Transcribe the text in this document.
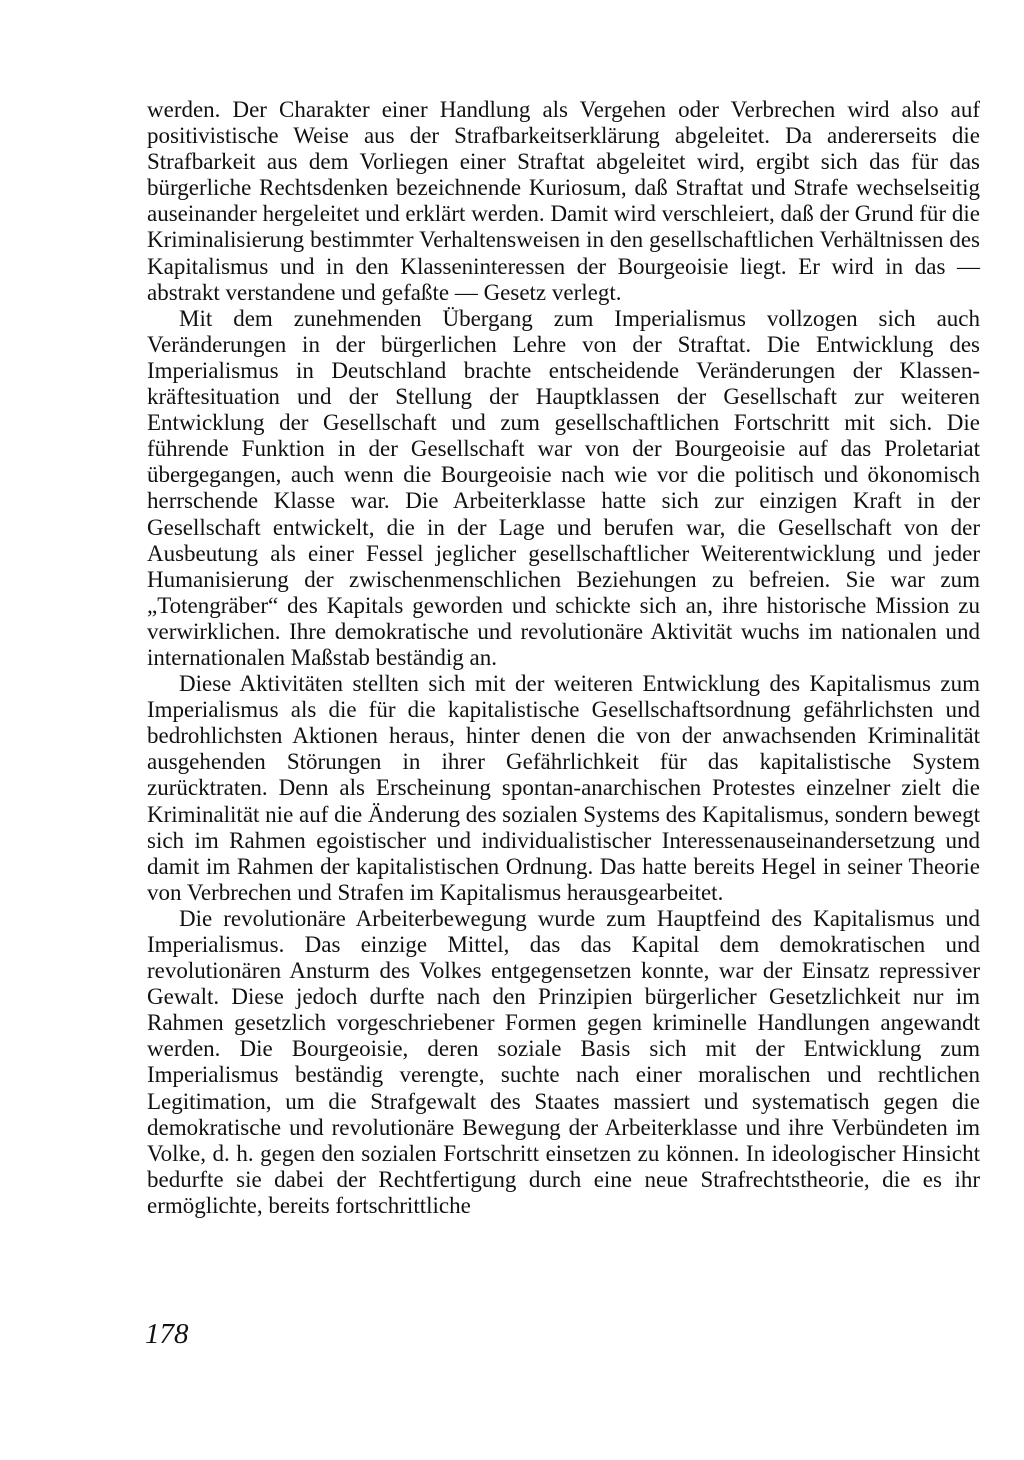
werden. Der Charakter einer Handlung als Vergehen oder Verbrechen wird also auf positivistische Weise aus der Strafbarkeitserklärung abgeleitet. Da andererseits die Strafbarkeit aus dem Vorliegen einer Straftat abgeleitet wird, ergibt sich das für das bürgerliche Rechtsdenken bezeichnende Kuriosum, daß Straftat und Strafe wechselseitig auseinander hergeleitet und erklärt werden. Damit wird verschleiert, daß der Grund für die Kriminalisierung bestimmter Verhaltensweisen in den gesellschaftlichen Verhältnissen des Kapitalismus und in den Klasseninteressen der Bourgeoisie liegt. Er wird in das — abstrakt verstandene und gefaßte — Gesetz verlegt.

Mit dem zunehmenden Übergang zum Imperialismus vollzogen sich auch Veränderungen in der bürgerlichen Lehre von der Straftat. Die Entwicklung des Imperialismus in Deutschland brachte entscheidende Veränderungen der Klassenkräftesituation und der Stellung der Hauptklassen der Gesellschaft zur weiteren Entwicklung der Gesellschaft und zum gesellschaftlichen Fortschritt mit sich. Die führende Funktion in der Gesellschaft war von der Bourgeoisie auf das Proletariat übergegangen, auch wenn die Bourgeoisie nach wie vor die politisch und ökonomisch herrschende Klasse war. Die Arbeiterklasse hatte sich zur einzigen Kraft in der Gesellschaft entwickelt, die in der Lage und berufen war, die Gesellschaft von der Ausbeutung als einer Fessel jeglicher gesellschaftlicher Weiterentwicklung und jeder Humanisierung der zwischenmenschlichen Beziehungen zu befreien. Sie war zum „Totengräber“ des Kapitals geworden und schickte sich an, ihre historische Mission zu verwirklichen. Ihre demokratische und revolutionäre Aktivität wuchs im nationalen und internationalen Maßstab beständig an.

Diese Aktivitäten stellten sich mit der weiteren Entwicklung des Kapitalismus zum Imperialismus als die für die kapitalistische Gesellschaftsordnung gefährlichsten und bedrohlichsten Aktionen heraus, hinter denen die von der anwachsenden Kriminalität ausgehenden Störungen in ihrer Gefährlichkeit für das kapitalistische System zurücktraten. Denn als Erscheinung spontan-anarchischen Protestes einzelner zielt die Kriminalität nie auf die Änderung des sozialen Systems des Kapitalismus, sondern bewegt sich im Rahmen egoistischer und individualistischer Interessenauseinandersetzung und damit im Rahmen der kapitalistischen Ordnung. Das hatte bereits Hegel in seiner Theorie von Verbrechen und Strafen im Kapitalismus herausgearbeitet.

Die revolutionäre Arbeiterbewegung wurde zum Hauptfeind des Kapitalismus und Imperialismus. Das einzige Mittel, das das Kapital dem demokratischen und revolutionären Ansturm des Volkes entgegensetzen konnte, war der Einsatz repressiver Gewalt. Diese jedoch durfte nach den Prinzipien bürgerlicher Gesetzlichkeit nur im Rahmen gesetzlich vorgeschriebener Formen gegen kriminelle Handlungen angewandt werden. Die Bourgeoisie, deren soziale Basis sich mit der Entwicklung zum Imperialismus beständig verengte, suchte nach einer moralischen und rechtlichen Legitimation, um die Strafgewalt des Staates massiert und systematisch gegen die demokratische und revolutionäre Bewegung der Arbeiterklasse und ihre Verbündeten im Volke, d. h. gegen den sozialen Fortschritt einsetzen zu können. In ideologischer Hinsicht bedurfte sie dabei der Rechtfertigung durch eine neue Strafrechtstheorie, die es ihr ermöglichte, bereits fortschrittliche

178
